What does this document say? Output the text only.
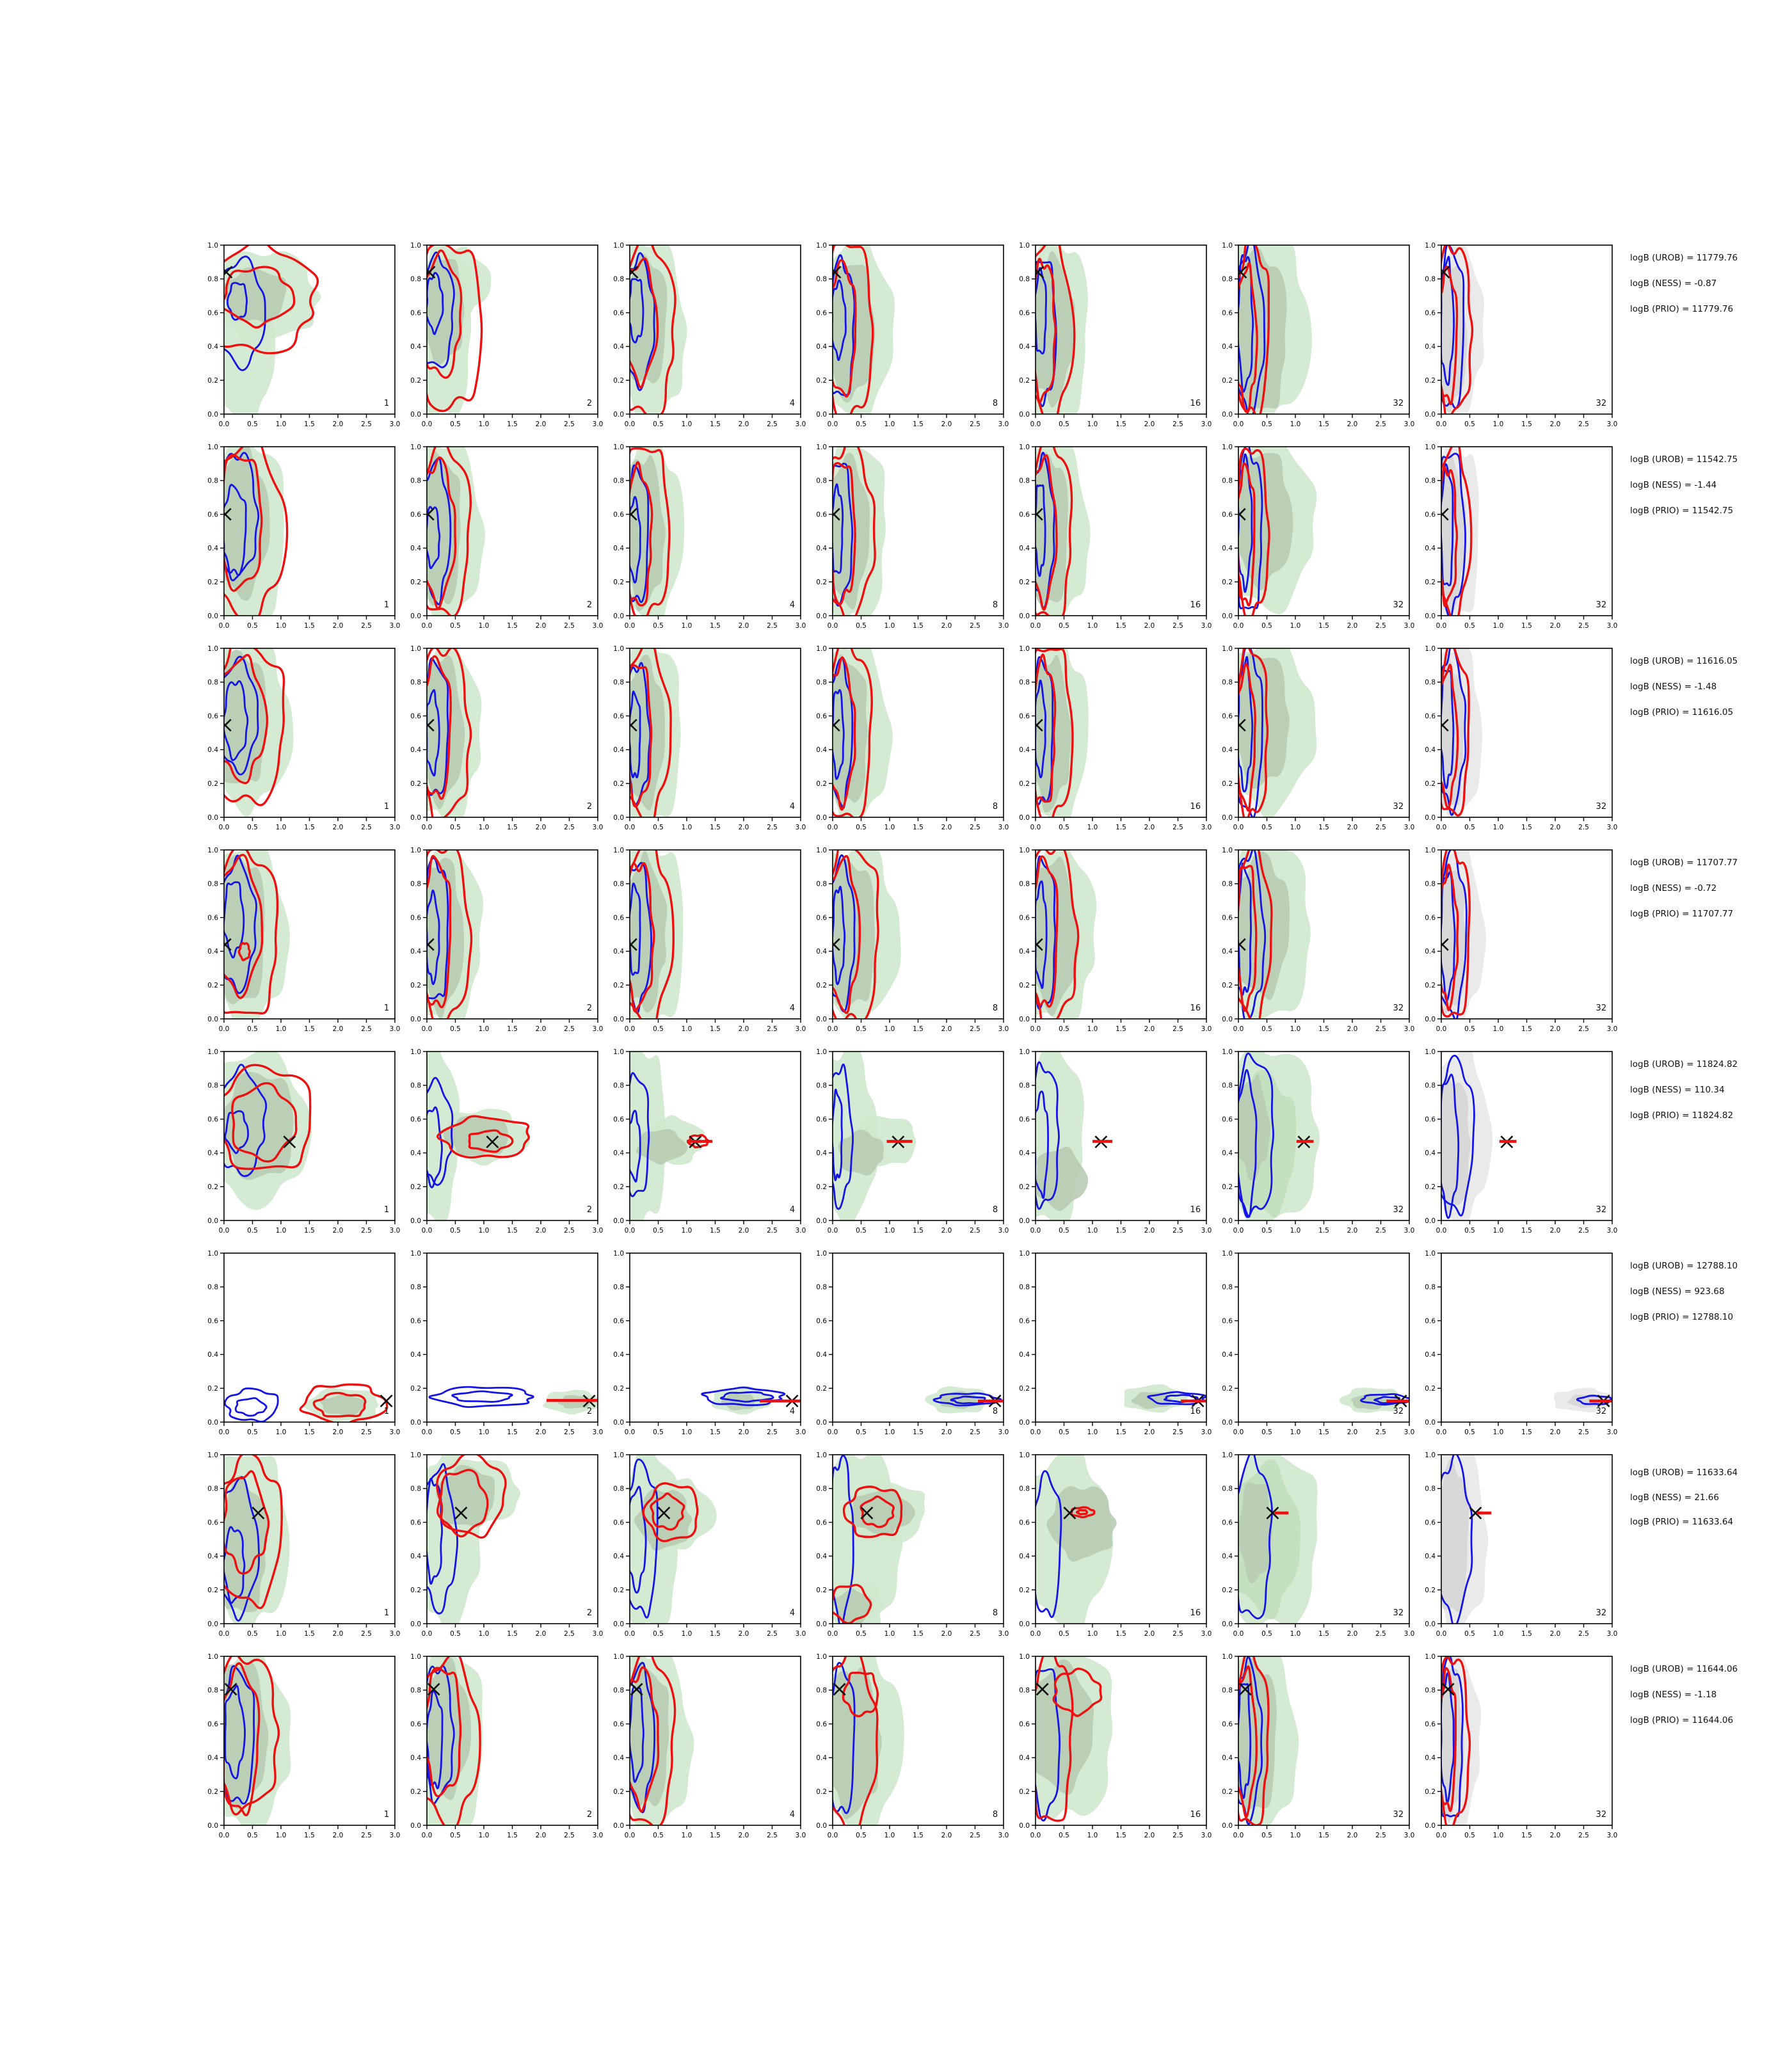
0.0	0.5	1.0	1.5	2.0	2.5	3.0
0.0
0.2
0.4
0.6
0.8
1.0
1
0.0	0.5	1.0	1.5	2.0	2.5	3.0
0.0
0.2
0.4
0.6
0.8
1.0
2
0.0	0.5	1.0	1.5	2.0	2.5	3.0
0.0
0.2
0.4
0.6
0.8
1.0
4
0.0	0.5	1.0	1.5	2.0	2.5	3.0
0.0
0.2
0.4
0.6
0.8
1.0
8
0.0	0.5	1.0	1.5	2.0	2.5	3.0
0.0
0.2
0.4
0.6
0.8
1.0
16
0.0	0.5	1.0	1.5	2.0	2.5	3.0
0.0
0.2
0.4
0.6
0.8
1.0
32
0.0	0.5	1.0	1.5	2.0	2.5	3.0
0.0
0.2
0.4
0.6
0.8
1.0
32
0.0	0.5	1.0	1.5	2.0	2.5	3.0
0.0
0.2
0.4
0.6
0.8
1.0
1
0.0	0.5	1.0	1.5	2.0	2.5	3.0
0.0
0.2
0.4
0.6
0.8
1.0
2
0.0	0.5	1.0	1.5	2.0	2.5	3.0
0.0
0.2
0.4
0.6
0.8
1.0
4
0.0	0.5	1.0	1.5	2.0	2.5	3.0
0.0
0.2
0.4
0.6
0.8
1.0
8
0.0	0.5	1.0	1.5	2.0	2.5	3.0
0.0
0.2
0.4
0.6
0.8
1.0
16
0.0	0.5	1.0	1.5	2.0	2.5	3.0
0.0
0.2
0.4
0.6
0.8
1.0
32
0.0	0.5	1.0	1.5	2.0	2.5	3.0
0.0
0.2
0.4
0.6
0.8
1.0
32
0.0	0.5	1.0	1.5	2.0	2.5	3.0
0.0
0.2
0.4
0.6
0.8
1.0
1
0.0	0.5	1.0	1.5	2.0	2.5	3.0
0.0
0.2
0.4
0.6
0.8
1.0
2
0.0	0.5	1.0	1.5	2.0	2.5	3.0
0.0
0.2
0.4
0.6
0.8
1.0
4
0.0	0.5	1.0	1.5	2.0	2.5	3.0
0.0
0.2
0.4
0.6
0.8
1.0
8
0.0	0.5	1.0	1.5	2.0	2.5	3.0
0.0
0.2
0.4
0.6
0.8
1.0
16
0.0	0.5	1.0	1.5	2.0	2.5	3.0
0.0
0.2
0.4
0.6
0.8
1.0
32
0.0	0.5	1.0	1.5	2.0	2.5	3.0
0.0
0.2
0.4
0.6
0.8
1.0
32
0.0	0.5	1.0	1.5	2.0	2.5	3.0
0.0
0.2
0.4
0.6
0.8
1.0
1
0.0	0.5	1.0	1.5	2.0	2.5	3.0
0.0
0.2
0.4
0.6
0.8
1.0
2
0.0	0.5	1.0	1.5	2.0	2.5	3.0
0.0
0.2
0.4
0.6
0.8
1.0
4
0.0	0.5	1.0	1.5	2.0	2.5	3.0
0.0
0.2
0.4
0.6
0.8
1.0
8
0.0	0.5	1.0	1.5	2.0	2.5	3.0
0.0
0.2
0.4
0.6
0.8
1.0
16
0.0	0.5	1.0	1.5	2.0	2.5	3.0
0.0
0.2
0.4
0.6
0.8
1.0
32
0.0	0.5	1.0	1.5	2.0	2.5	3.0
0.0
0.2
0.4
0.6
0.8
1.0
32
0.0	0.5	1.0	1.5	2.0	2.5	3.0
0.0
0.2
0.4
0.6
0.8
1.0
1
0.0	0.5	1.0	1.5	2.0	2.5	3.0
0.0
0.2
0.4
0.6
0.8
1.0
2
0.0	0.5	1.0	1.5	2.0	2.5	3.0
0.0
0.2
0.4
0.6
0.8
1.0
4
0.0	0.5	1.0	1.5	2.0	2.5	3.0
0.0
0.2
0.4
0.6
0.8
1.0
8
0.0	0.5	1.0	1.5	2.0	2.5	3.0
0.0
0.2
0.4
0.6
0.8
1.0
16
0.0	0.5	1.0	1.5	2.0	2.5	3.0
0.0
0.2
0.4
0.6
0.8
1.0
32
0.0	0.5	1.0	1.5	2.0	2.5	3.0
0.0
0.2
0.4
0.6
0.8
1.0
32
0.0	0.5	1.0	1.5	2.0	2.5	3.0
0.0
0.2
0.4
0.6
0.8
1.0
1
0.0	0.5	1.0	1.5	2.0	2.5	3.0
0.0
0.2
0.4
0.6
0.8
1.0
2
0.0	0.5	1.0	1.5	2.0	2.5	3.0
0.0
0.2
0.4
0.6
0.8
1.0
4
0.0	0.5	1.0	1.5	2.0	2.5	3.0
0.0
0.2
0.4
0.6
0.8
1.0
8
0.0	0.5	1.0	1.5	2.0	2.5	3.0
0.0
0.2
0.4
0.6
0.8
1.0
16
0.0	0.5	1.0	1.5	2.0	2.5	3.0
0.0
0.2
0.4
0.6
0.8
1.0
32
0.0	0.5	1.0	1.5	2.0	2.5	3.0
0.0
0.2
0.4
0.6
0.8
1.0
32
0.0	0.5	1.0	1.5	2.0	2.5	3.0
0.0
0.2
0.4
0.6
0.8
1.0
1
0.0	0.5	1.0	1.5	2.0	2.5	3.0
0.0
0.2
0.4
0.6
0.8
1.0
2
0.0	0.5	1.0	1.5	2.0	2.5	3.0
0.0
0.2
0.4
0.6
0.8
1.0
4
0.0	0.5	1.0	1.5	2.0	2.5	3.0
0.0
0.2
0.4
0.6
0.8
1.0
8
0.0	0.5	1.0	1.5	2.0	2.5	3.0
0.0
0.2
0.4
0.6
0.8
1.0
16
0.0	0.5	1.0	1.5	2.0	2.5	3.0
0.0
0.2
0.4
0.6
0.8
1.0
32
0.0	0.5	1.0	1.5	2.0	2.5	3.0
0.0
0.2
0.4
0.6
0.8
1.0
32
0.0	0.5	1.0	1.5	2.0	2.5	3.0
0.0
0.2
0.4
0.6
0.8
1.0
1
0.0	0.5	1.0	1.5	2.0	2.5	3.0
0.0
0.2
0.4
0.6
0.8
1.0
2
0.0	0.5	1.0	1.5	2.0	2.5	3.0
0.0
0.2
0.4
0.6
0.8
1.0
4
0.0	0.5	1.0	1.5	2.0	2.5	3.0
0.0
0.2
0.4
0.6
0.8
1.0
8
0.0	0.5	1.0	1.5	2.0	2.5	3.0
0.0
0.2
0.4
0.6
0.8
1.0
16
0.0	0.5	1.0	1.5	2.0	2.5	3.0
0.0
0.2
0.4
0.6
0.8
1.0
32
0.0	0.5	1.0	1.5	2.0	2.5	3.0
0.0
0.2
0.4
0.6
0.8
1.0
32
logB (UROB) = 11779.76
logB (NESS) = -0.87
logB (PRIO) = 11779.76
logB (UROB) = 11542.75
logB (NESS) = -1.44
logB (PRIO) = 11542.75
logB (UROB) = 11616.05
logB (NESS) = -1.48
logB (PRIO) = 11616.05
logB (UROB) = 11707.77
logB (NESS) = -0.72
logB (PRIO) = 11707.77
logB (UROB) = 11824.82
logB (NESS) = 110.34
logB (PRIO) = 11824.82
logB (UROB) = 12788.10
logB (NESS) = 923.68
logB (PRIO) = 12788.10
logB (UROB) = 11633.64
logB (NESS) = 21.66
logB (PRIO) = 11633.64
logB (UROB) = 11644.06
logB (NESS) = -1.18
logB (PRIO) = 11644.06
